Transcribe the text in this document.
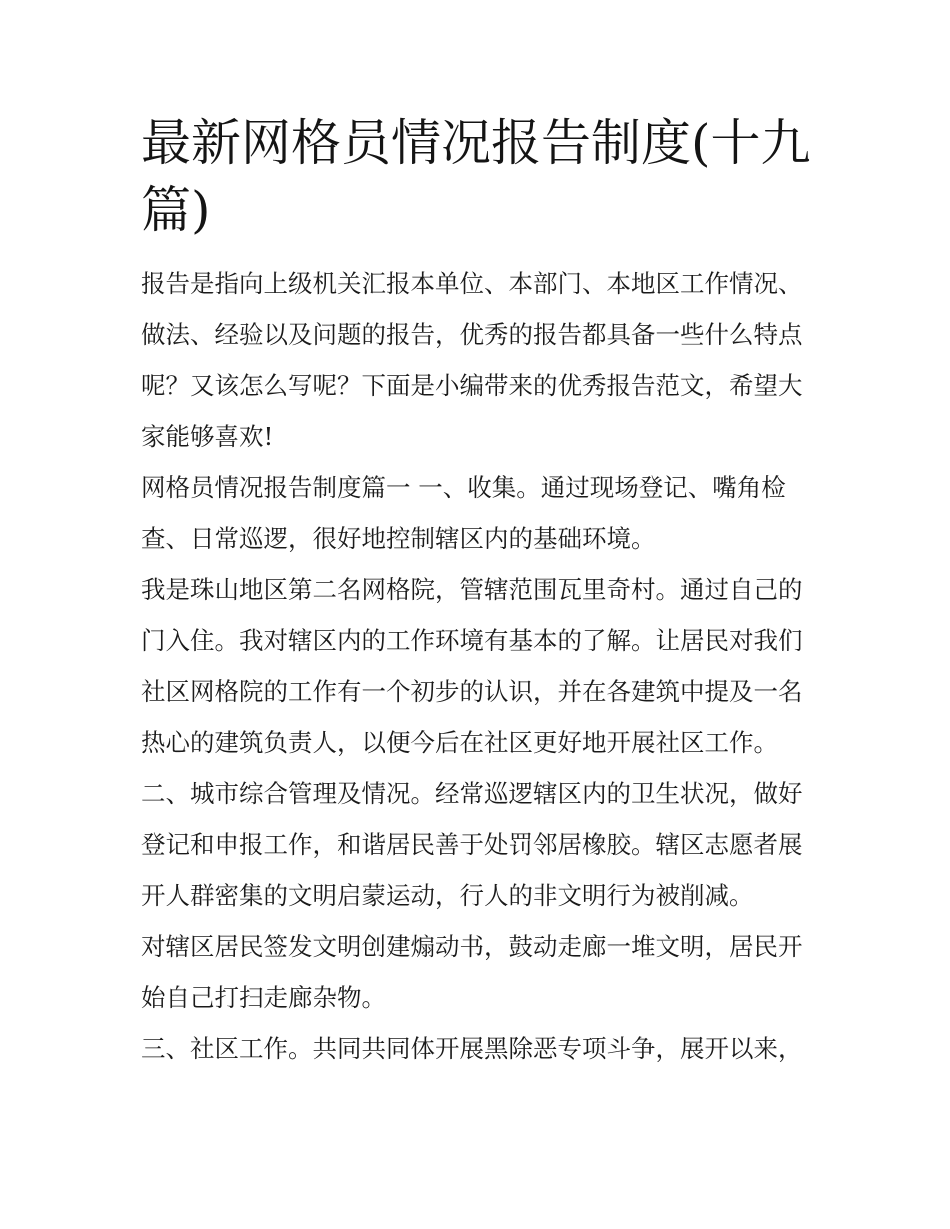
最新网格员情况报告制度(十九篇)

报告是指向上级机关汇报本单位、本部门、本地区工作情况、做法、经验以及问题的报告，优秀的报告都具备一些什么特点呢？又该怎么写呢？下面是小编带来的优秀报告范文，希望大家能够喜欢!

网格员情况报告制度篇一 一、收集。通过现场登记、嘴角检查、日常巡逻，很好地控制辖区内的基础环境。

我是珠山地区第二名网格院，管辖范围瓦里奇村。通过自己的门入住。我对辖区内的工作环境有基本的了解。让居民对我们社区网格院的工作有一个初步的认识，并在各建筑中提及一名热心的建筑负责人，以便今后在社区更好地开展社区工作。

二、城市综合管理及情况。经常巡逻辖区内的卫生状况，做好登记和申报工作，和谐居民善于处罚邻居橡胶。辖区志愿者展开人群密集的文明启蒙运动，行人的非文明行为被削减。

对辖区居民签发文明创建煽动书，鼓动走廊一堆文明，居民开始自己打扫走廊杂物。

三、社区工作。共同共同体开展黑除恶专项斗争，展开以来，
